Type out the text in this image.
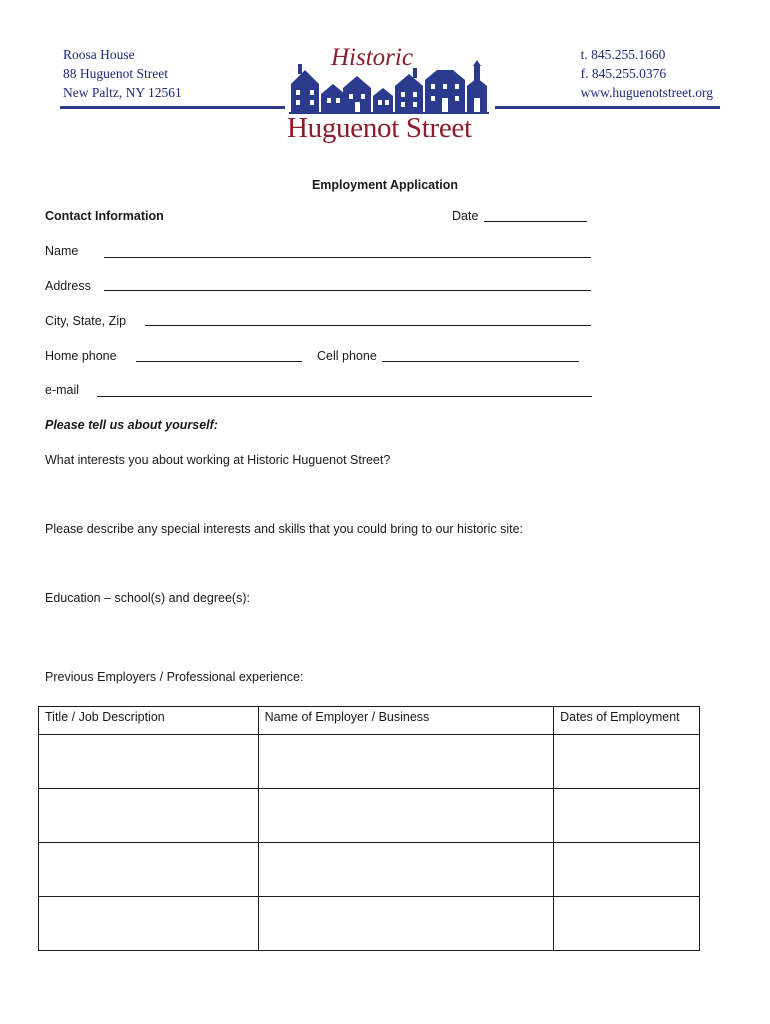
Roosa House
88 Huguenot Street
New Paltz, NY 12561
t. 845.255.1660
f. 845.255.0376
www.huguenotstreet.org
Historic
Huguenot Street
Employment Application
Contact Information	Date
Name
Address
City, State, Zip
Home phone	Cell phone
e-mail
Please tell us about yourself:
What interests you about working at Historic Huguenot Street?
Please describe any special interests and skills that you could bring to our historic site:
Education – school(s) and degree(s):
Previous Employers / Professional experience:
Title / Job Description	Name of Employer / Business	Dates of Employment
